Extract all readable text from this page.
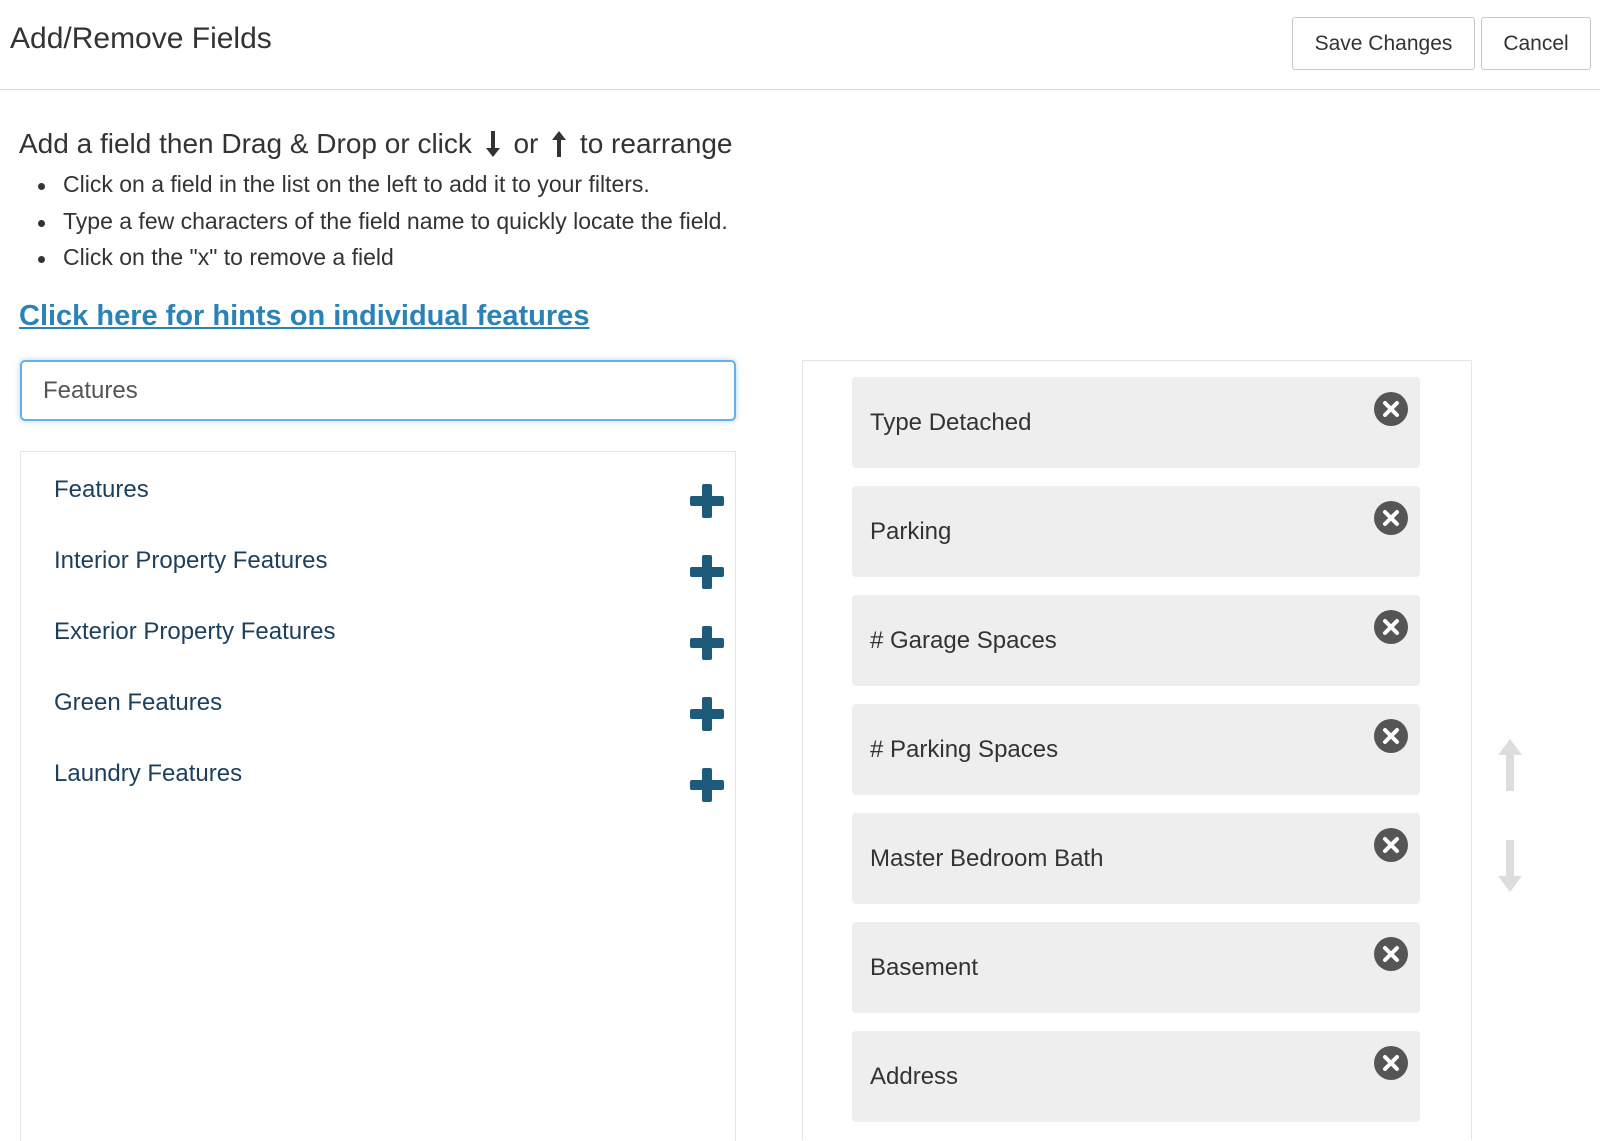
Add/Remove Fields	Save Changes	Cancel
Add a field then Drag & Drop or click or to rearrange
Click on a field in the list on the left to add it to your filters.
Type a few characters of the field name to quickly locate the field.
Click on the "x" to remove a field
Click here for hints on individual features
Features
Features
Interior Property Features
Exterior Property Features
Green Features
Laundry Features
Type Detached
Parking
# Garage Spaces
# Parking Spaces
Master Bedroom Bath
Basement
Address
